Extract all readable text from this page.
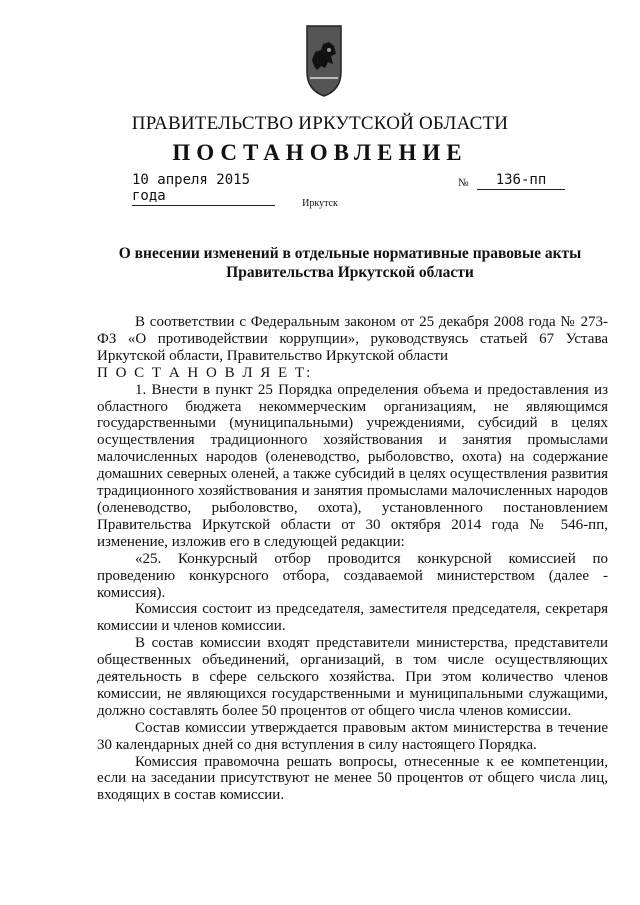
ПРАВИТЕЛЬСТВО ИРКУТСКОЙ ОБЛАСТИ
ПОСТАНОВЛЕНИЕ
10 апреля 2015 года
№	136-пп
Иркутск
О внесении изменений в отдельные нормативные правовые акты
Правительства Иркутской области

В соответствии с Федеральным законом от 25 декабря 2008 года № 273-ФЗ «О противодействии коррупции», руководствуясь статьей 67 Устава Иркутской области, Правительство Иркутской области

П О С Т А Н О В Л Я Е Т:

1. Внести в пункт 25 Порядка определения объема и предоставления из областного бюджета некоммерческим организациям, не являющимся государственными (муниципальными) учреждениями, субсидий в целях осуществления традиционного хозяйствования и занятия промыслами малочисленных народов (оленеводство, рыболовство, охота) на содержание домашних северных оленей, а также субсидий в целях осуществления развития традиционного хозяйствования и занятия промыслами малочисленных народов (оленеводство, рыболовство, охота), установленного постановлением Правительства Иркутской области от 30 октября 2014 года № 546-пп, изменение, изложив его в следующей редакции:

«25. Конкурсный отбор проводится конкурсной комиссией по проведению конкурсного отбора, создаваемой министерством (далее - комиссия).

Комиссия состоит из председателя, заместителя председателя, секретаря комиссии и членов комиссии.

В состав комиссии входят представители министерства, представители общественных объединений, организаций, в том числе осуществляющих деятельность в сфере сельского хозяйства. При этом количество членов комиссии, не являющихся государственными и муниципальными служащими, должно составлять более 50 процентов от общего числа членов комиссии.

Состав комиссии утверждается правовым актом министерства в течение 30 календарных дней со дня вступления в силу настоящего Порядка.

Комиссия правомочна решать вопросы, отнесенные к ее компетенции, если на заседании присутствуют не менее 50 процентов от общего числа лиц, входящих в состав комиссии.
